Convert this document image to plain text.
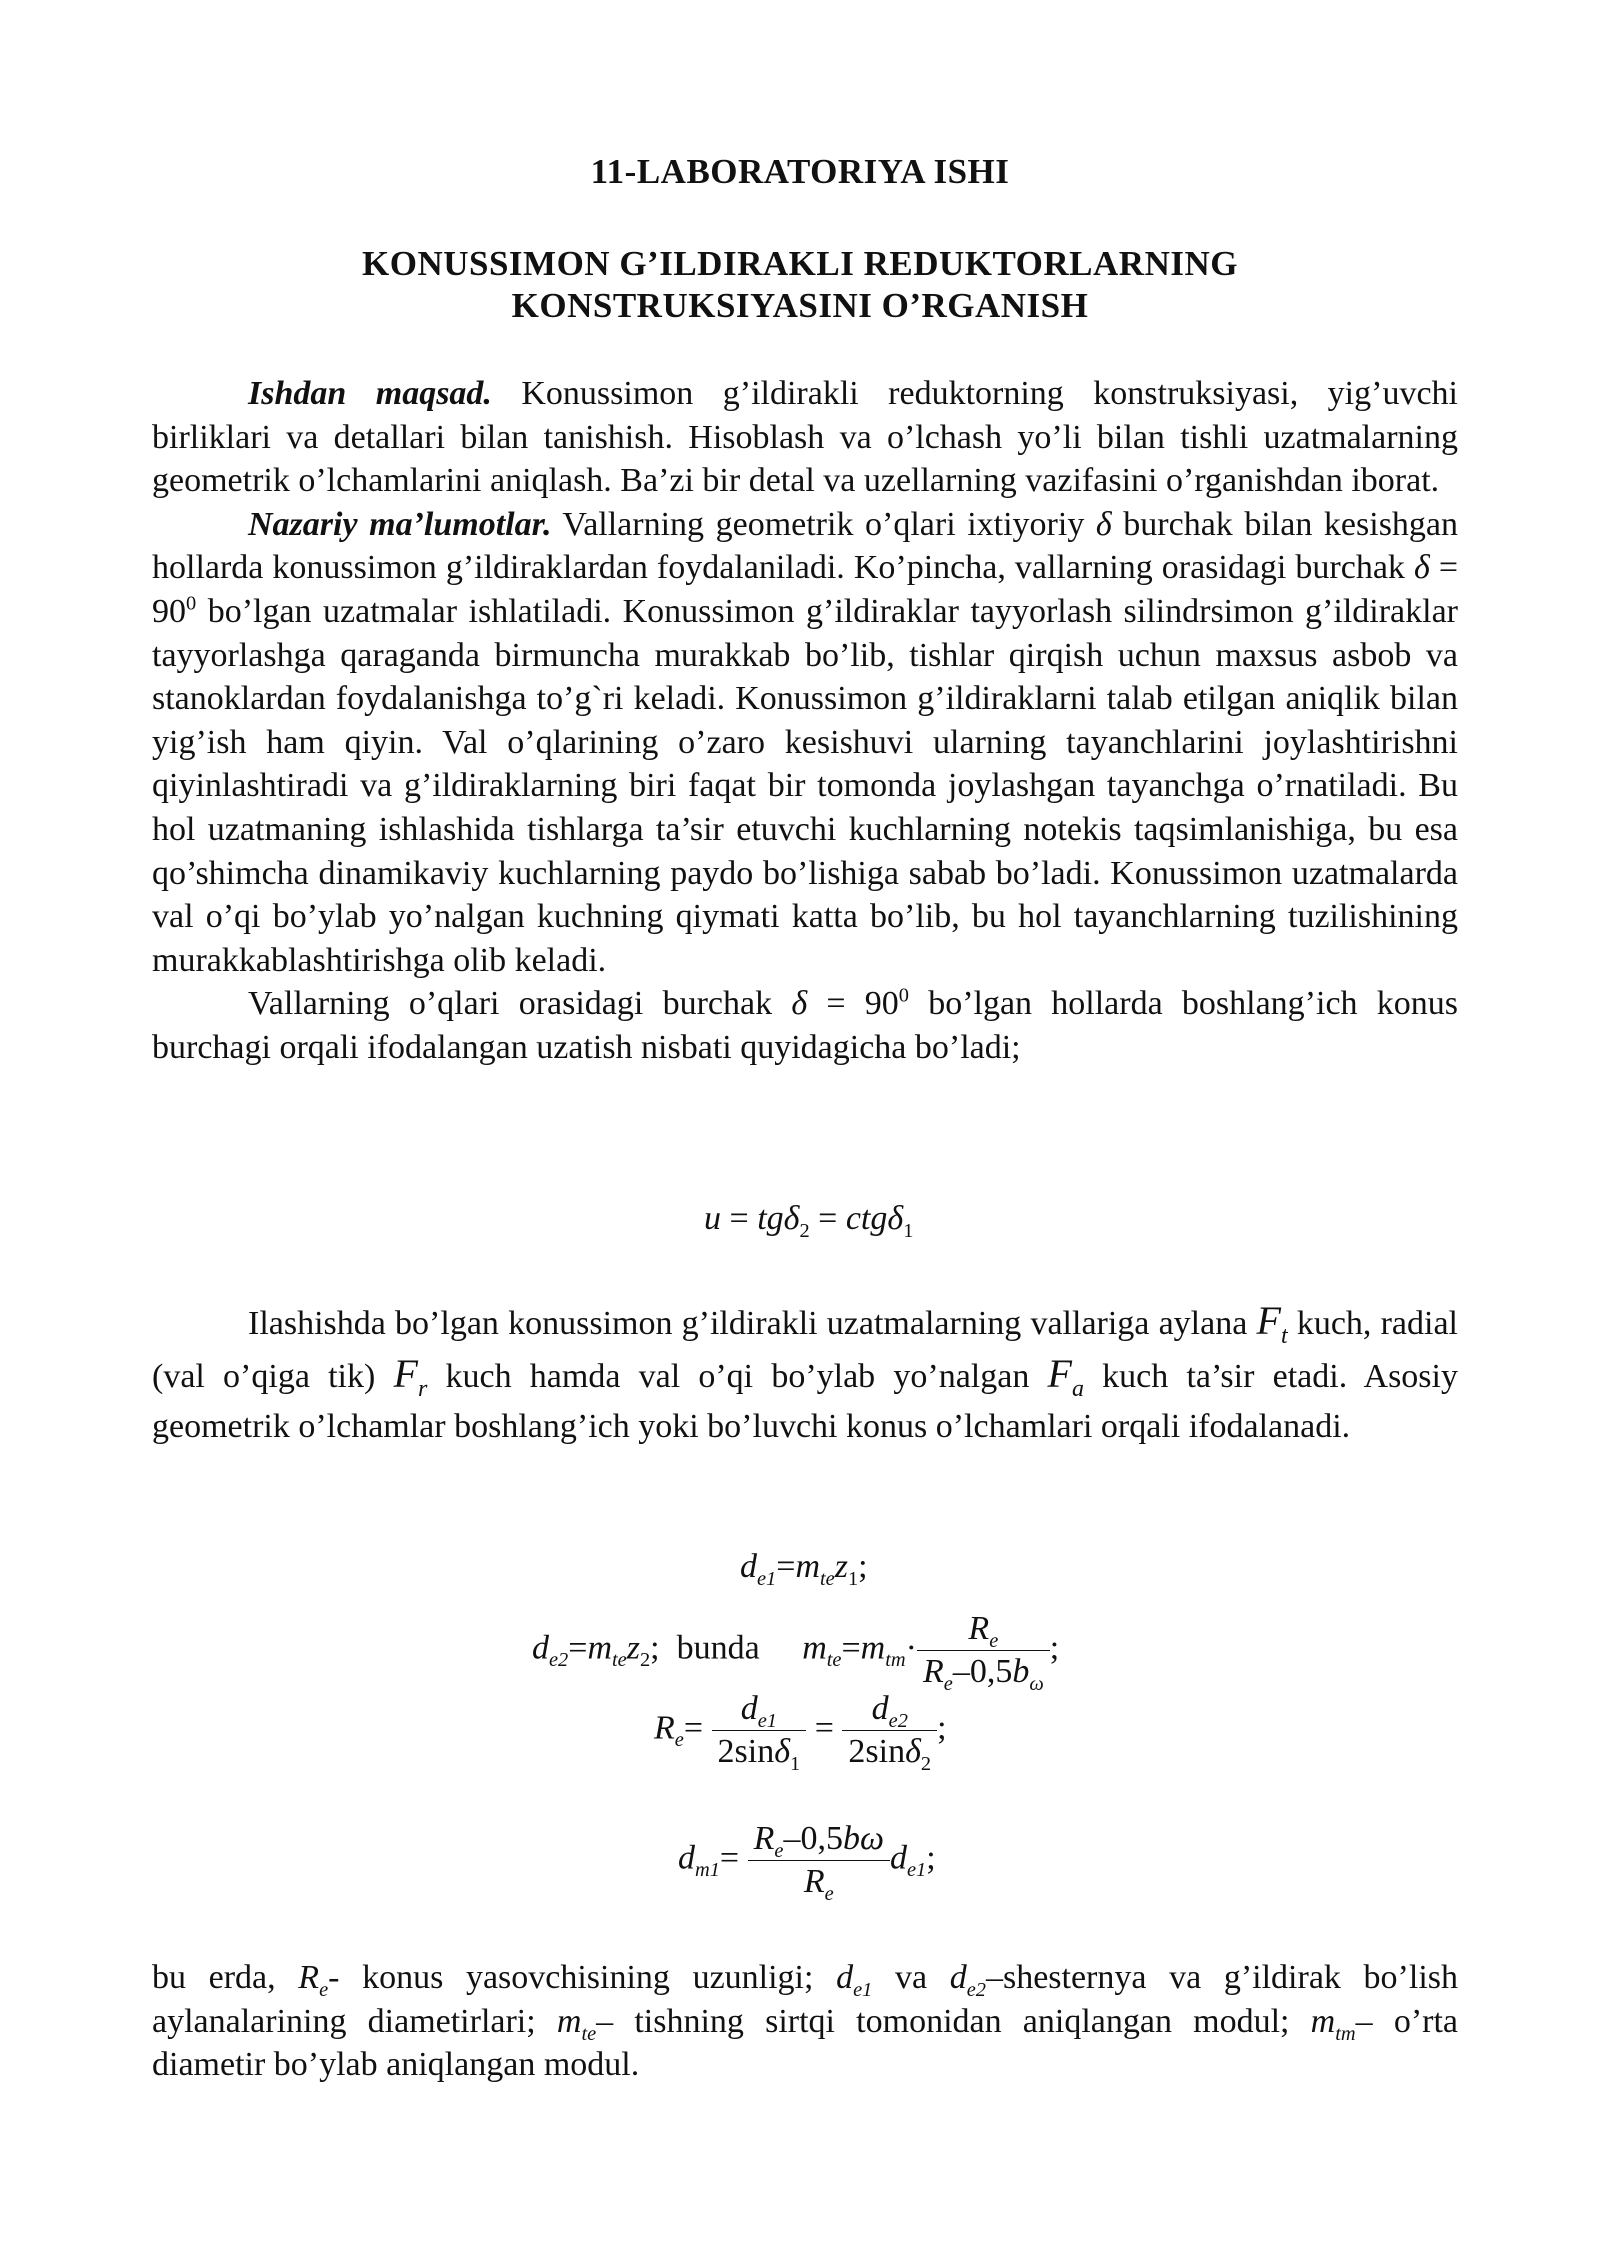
11-LABORATORIYA ISHI
KONUSSIMON G’ILDIRAKLI REDUKTORLARNING
KONSTRUKSIYASINI O’RGANISH

Ishdan maqsad. Konussimon g’ildirakli reduktorning konstruksiyasi, yig’uvchi birliklari va detallari bilan tanishish. Hisoblash va o’lchash yo’li bilan tishli uzatmalarning geometrik o’lchamlarini aniqlash. Ba’zi bir detal va uzellarning vazifasini o’rganishdan iborat.

Nazariy ma’lumotlar. Vallarning geometrik o’qlari ixtiyoriy δ burchak bilan kesishgan hollarda konussimon g’ildiraklardan foydalaniladi. Ko’pincha, vallarning orasidagi burchak $\delta = 90^0$ bo’lgan uzatmalar ishlatiladi. Konussimon g’ildiraklar tayyorlash silindrsimon g’ildiraklar tayyorlashga qaraganda birmuncha murakkab bo’lib, tishlar qirqish uchun maxsus asbob va stanoklardan foydalanishga to’g`ri keladi. Konussimon g’ildiraklarni talab etilgan aniqlik bilan yig’ish ham qiyin. Val o’qlarining o’zaro kesishuvi ularning tayanchlarini joylashtirishni qiyinlashtiradi va g’ildiraklarning biri faqat bir tomonda joylashgan tayanchga o’rnatiladi. Bu hol uzatmaning ishlashida tishlarga ta’sir etuvchi kuchlarning notekis taqsimlanishiga, bu esa qo’shimcha dinamikaviy kuchlarning paydo bo’lishiga sabab bo’ladi. Konussimon uzatmalarda val o’qi bo’ylab yo’nalgan kuchning qiymati katta bo’lib, bu hol tayanchlarning tuzilishining murakkablashtirishga olib keladi.

Vallarning o’qlari orasidagi burchak $\delta = 90^0$ bo’lgan hollarda boshlang’ich konus burchagi orqali ifodalangan uzatish nisbati quyidagicha bo’ladi;

u = tgδ$_2$ = ctgδ$_1$

Ilashishda bo’lgan konussimon g’ildirakli uzatmalarning vallariga aylana $F_t$ kuch, radial (val o’qiga tik) $F_r$ kuch hamda val o’qi bo’ylab yo’nalgan $F_a$ kuch ta’sir etadi. Asosiy geometrik o’lchamlar boshlang’ich yoki bo’luvchi konus o’lchamlari orqali ifodalanadi.

$d_{e1}=m_{te}z_1$;
$d_{e2}=m_{te}z_2$;  bunda $m_{te}=m_{tm}\cdot \frac{R_e}{R_e-0,5b_\omega}$ ;
$R_e= \frac{d_{e1}}{2\sin\delta_1} = \frac{d_{e2}}{2\sin\delta_2}$ ;
$d_{m1}= \frac{R_e-0,5b\omega}{R_e} d_{e1}$;

bu erda, $R_e-$ konus yasovchisining uzunligi; $d_{e1}$ va $d_{e2}$–shesternya va g’ildirak bo’lish aylanalarining diametirlari; $m_{te}-$ tishning sirtqi tomonidan aniqlangan modul; $m_{tm}-$ o’rta diametir bo’ylab aniqlangan modul.
